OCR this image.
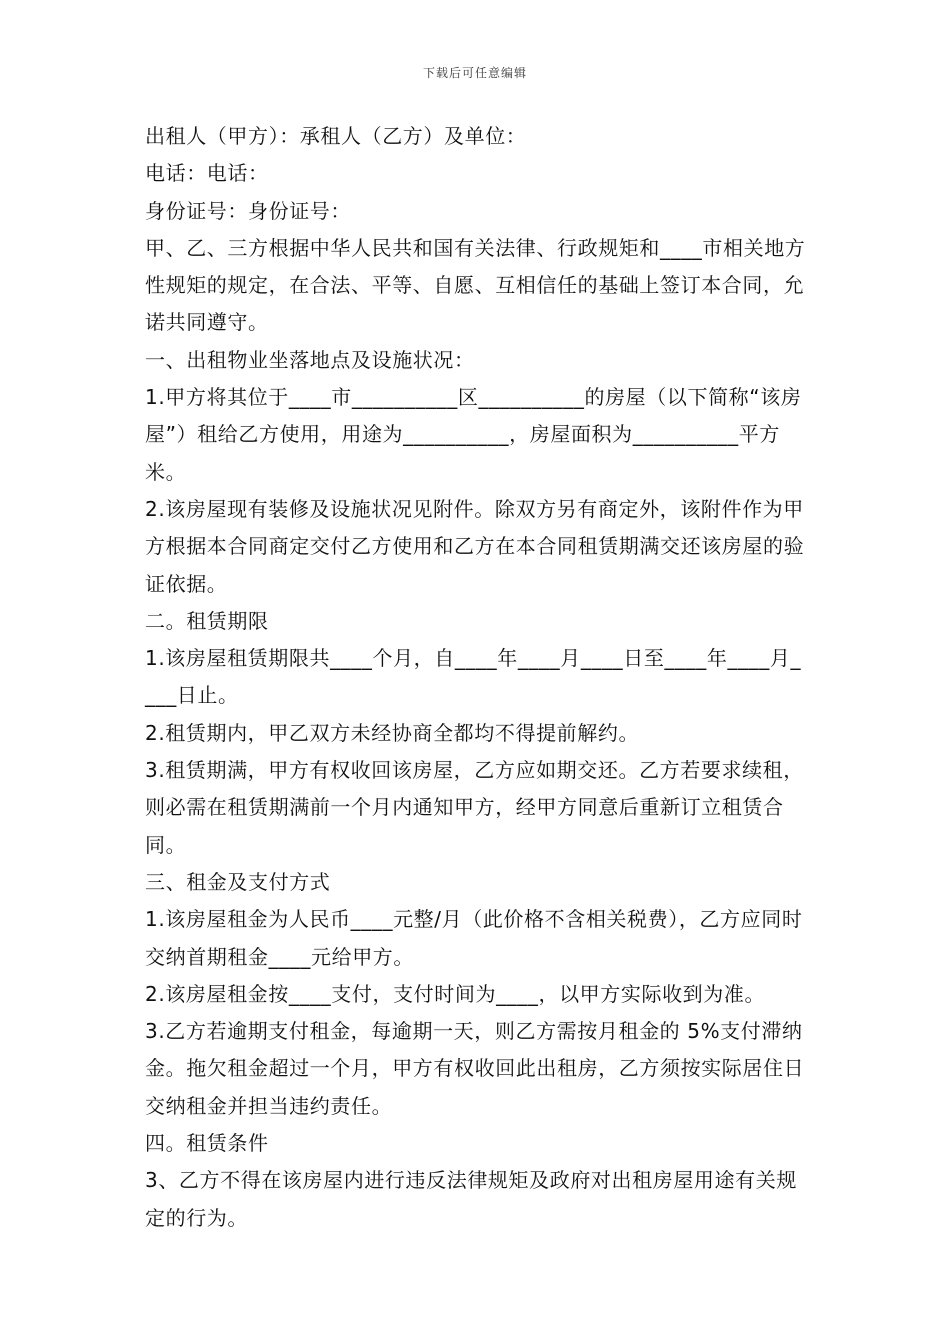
下载后可任意编辑

出租人（甲方）：承租人（乙方）及单位：

电话：电话：

身份证号：身份证号：

甲、乙、三方根据中华人民共和国有关法律、行政规矩和____市相关地方性规矩的规定，在合法、平等、自愿、互相信任的基础上签订本合同，允诺共同遵守。

一、出租物业坐落地点及设施状况：

1.甲方将其位于____市__________区__________的房屋（以下简称“该房屋”）租给乙方使用，用途为__________，房屋面积为__________平方米。

2.该房屋现有装修及设施状况见附件。除双方另有商定外，该附件作为甲方根据本合同商定交付乙方使用和乙方在本合同租赁期满交还该房屋的验证依据。

二。租赁期限

1.该房屋租赁期限共____个月，自____年____月____日至____年____月____日止。

2.租赁期内，甲乙双方未经协商全都均不得提前解约。

3.租赁期满，甲方有权收回该房屋，乙方应如期交还。乙方若要求续租，则必需在租赁期满前一个月内通知甲方，经甲方同意后重新订立租赁合同。

三、租金及支付方式

1.该房屋租金为人民币____元整/月（此价格不含相关税费），乙方应同时交纳首期租金____元给甲方。

2.该房屋租金按____支付，支付时间为____，以甲方实际收到为准。

3.乙方若逾期支付租金，每逾期一天，则乙方需按月租金的 5%支付滞纳金。拖欠租金超过一个月，甲方有权收回此出租房，乙方须按实际居住日交纳租金并担当违约责任。

四。租赁条件

3、乙方不得在该房屋内进行违反法律规矩及政府对出租房屋用途有关规定的行为。
